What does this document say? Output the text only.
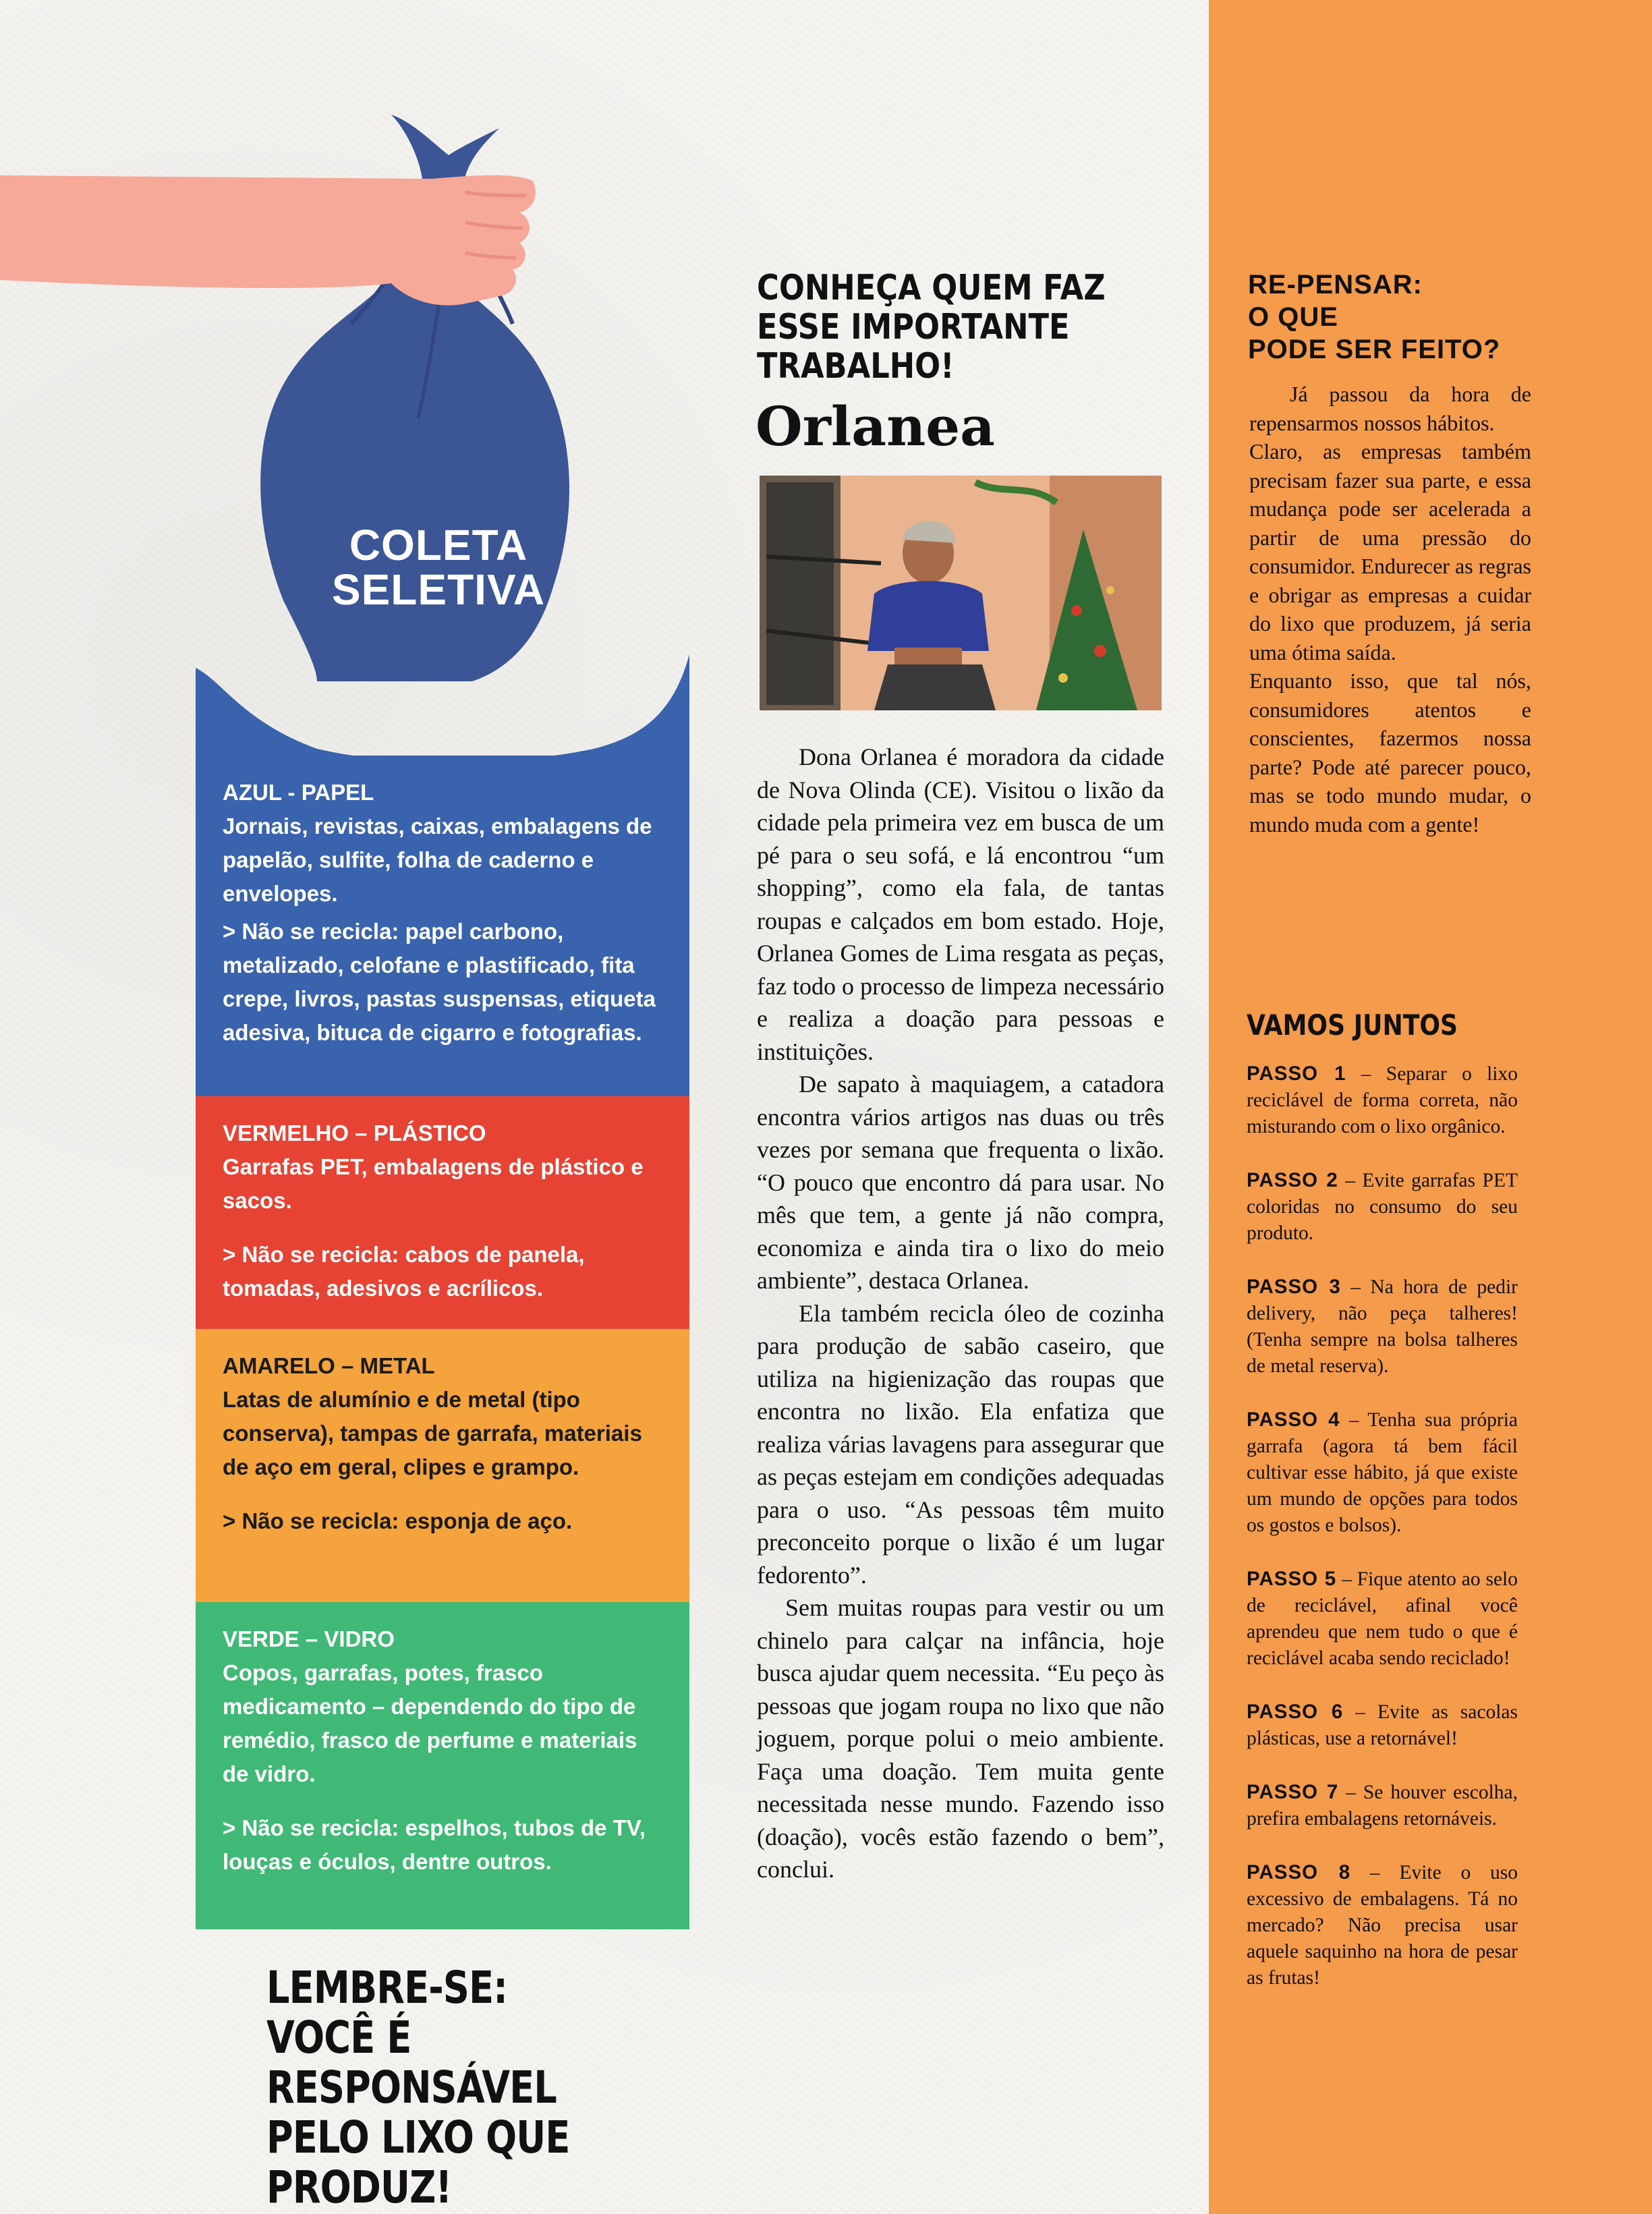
COLETA
SELETIVA

AZUL - PAPEL

Jornais, revistas, caixas, embalagens de papelão, sulfite, folha de caderno e envelopes.

> Não se recicla: papel carbono, metalizado, celofane e plastificado, fita crepe, livros, pastas suspensas, etiqueta adesiva, bituca de cigarro e fotografias.

VERMELHO – PLÁSTICO

Garrafas PET, embalagens de plástico e sacos.

> Não se recicla: cabos de panela, tomadas, adesivos e acrílicos.

AMARELO – METAL

Latas de alumínio e de metal (tipo conserva), tampas de garrafa, materiais de aço em geral, clipes e grampo.

> Não se recicla: esponja de aço.

VERDE – VIDRO

Copos, garrafas, potes, frasco medicamento – dependendo do tipo de remédio, frasco de perfume e materiais de vidro.

> Não se recicla: espelhos, tubos de TV, louças e óculos, dentre outros.

LEMBRE-SE: VOCÊ É RESPONSÁVEL PELO LIXO QUE PRODUZ!
CONHEÇA QUEM FAZ ESSE IMPORTANTE TRABALHO!
Orlanea

Dona Orlanea é moradora da cidade de Nova Olinda (CE). Visitou o lixão da cidade pela primeira vez em busca de um pé para o seu sofá, e lá encontrou “um shopping”, como ela fala, de tantas roupas e calçados em bom estado. Hoje, Orlanea Gomes de Lima resgata as peças, faz todo o processo de limpeza necessário e realiza a doação para pessoas e instituições.

De sapato à maquiagem, a catadora encontra vários artigos nas duas ou três vezes por semana que frequenta o lixão. “O pouco que encontro dá para usar. No mês que tem, a gente já não compra, economiza e ainda tira o lixo do meio ambiente”, destaca Orlanea.

Ela também recicla óleo de cozinha para produção de sabão caseiro, que utiliza na higienização das roupas que encontra no lixão. Ela enfatiza que realiza várias lavagens para assegurar que as peças estejam em condições adequadas para o uso. “As pessoas têm muito preconceito porque o lixão é um lugar fedorento”.

Sem muitas roupas para vestir ou um chinelo para calçar na infância, hoje busca ajudar quem necessita. “Eu peço às pessoas que jogam roupa no lixo que não joguem, porque polui o meio ambiente. Faça uma doação. Tem muita gente necessitada nesse mundo. Fazendo isso (doação), vocês estão fazendo o bem”, conclui.

RE-PENSAR:
O QUE
PODE SER FEITO?

Já passou da hora de repensarmos nossos hábitos.

Claro, as empresas também precisam fazer sua parte, e essa mudança pode ser acelerada a partir de uma pressão do consumidor. Endurecer as regras e obrigar as empresas a cuidar do lixo que produzem, já seria uma ótima saída.

Enquanto isso, que tal nós, consumidores atentos e conscientes, fazermos nossa parte? Pode até parecer pouco, mas se todo mundo mudar, o mundo muda com a gente!

VAMOS JUNTOS

PASSO 1 – Separar o lixo reciclável de forma correta, não misturando com o lixo orgânico.

PASSO 2 – Evite garrafas PET coloridas no consumo do seu produto.

PASSO 3 – Na hora de pedir delivery, não peça talheres! (Tenha sempre na bolsa talheres de metal reserva).

PASSO 4 – Tenha sua própria garrafa (agora tá bem fácil cultivar esse hábito, já que existe um mundo de opções para todos os gostos e bolsos).

PASSO 5 – Fique atento ao selo de reciclável, afinal você aprendeu que nem tudo o que é reciclável acaba sendo reciclado!

PASSO 6 – Evite as sacolas plásticas, use a retornável!

PASSO 7 – Se houver escolha, prefira embalagens retornáveis.

PASSO 8 – Evite o uso excessivo de embalagens. Tá no mercado? Não precisa usar aquele saquinho na hora de pesar as frutas!
